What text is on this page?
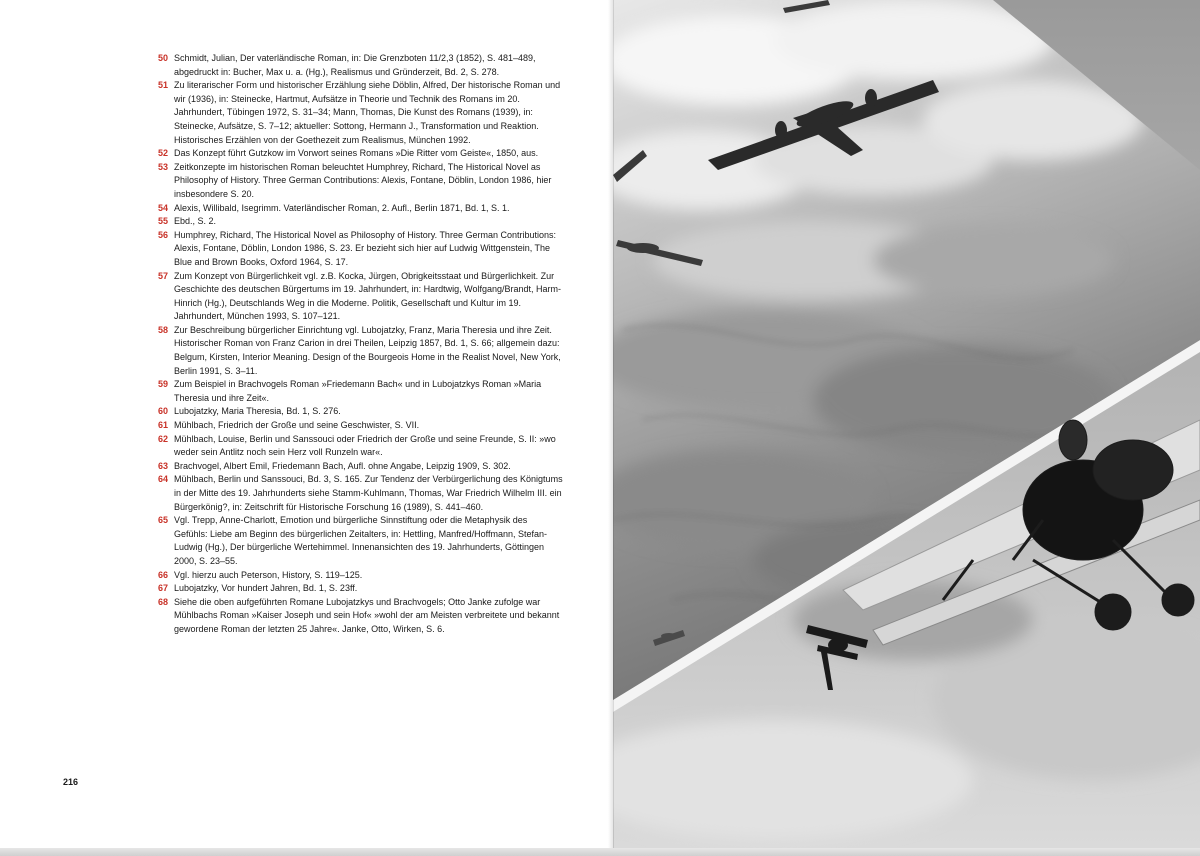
50 Schmidt, Julian, Der vaterländische Roman, in: Die Grenzboten 11/2,3 (1852), S. 481–489, abgedruckt in: Bucher, Max u. a. (Hg.), Realismus und Gründerzeit, Bd. 2, S. 278.
51 Zu literarischer Form und historischer Erzählung siehe Döblin, Alfred, Der historische Roman und wir (1936), in: Steinecke, Hartmut, Aufsätze in Theorie und Technik des Romans im 20. Jahrhundert, Tübingen 1972, S. 31–34; Mann, Thomas, Die Kunst des Romans (1939), in: Steinecke, Aufsätze, S. 7–12; aktueller: Sottong, Hermann J., Transformation und Reaktion. Historisches Erzählen von der Goethezeit zum Realismus, München 1992.
52 Das Konzept führt Gutzkow im Vorwort seines Romans »Die Ritter vom Geiste«, 1850, aus.
53 Zeitkonzepte im historischen Roman beleuchtet Humphrey, Richard, The Historical Novel as Philosophy of History. Three German Contributions: Alexis, Fontane, Döblin, London 1986, hier insbesondere S. 20.
54 Alexis, Willibald, Isegrimm. Vaterländischer Roman, 2. Aufl., Berlin 1871, Bd. 1, S. 1.
55 Ebd., S. 2.
56 Humphrey, Richard, The Historical Novel as Philosophy of History. Three German Contributions: Alexis, Fontane, Döblin, London 1986, S. 23. Er bezieht sich hier auf Ludwig Wittgenstein, The Blue and Brown Books, Oxford 1964, S. 17.
57 Zum Konzept von Bürgerlichkeit vgl. z.B. Kocka, Jürgen, Obrigkeitsstaat und Bürgerlichkeit. Zur Geschichte des deutschen Bürgertums im 19. Jahrhundert, in: Hardtwig, Wolfgang/Brandt, Harm-Hinrich (Hg.), Deutschlands Weg in die Moderne. Politik, Gesellschaft und Kultur im 19. Jahrhundert, München 1993, S. 107–121.
58 Zur Beschreibung bürgerlicher Einrichtung vgl. Lubojatzky, Franz, Maria Theresia und ihre Zeit. Historischer Roman von Franz Carion in drei Theilen, Leipzig 1857, Bd. 1, S. 66; allgemein dazu: Belgum, Kirsten, Interior Meaning. Design of the Bourgeois Home in the Realist Novel, New York, Berlin 1991, S. 3–11.
59 Zum Beispiel in Brachvogels Roman »Friedemann Bach« und in Lubojatzkys Roman »Maria Theresia und ihre Zeit«.
60 Lubojatzky, Maria Theresia, Bd. 1, S. 276.
61 Mühlbach, Friedrich der Große und seine Geschwister, S. VII.
62 Mühlbach, Louise, Berlin und Sanssouci oder Friedrich der Große und seine Freunde, S. II: »wo weder sein Antlitz noch sein Herz voll Runzeln war«.
63 Brachvogel, Albert Emil, Friedemann Bach, Aufl. ohne Angabe, Leipzig 1909, S. 302.
64 Mühlbach, Berlin und Sanssouci, Bd. 3, S. 165. Zur Tendenz der Verbürgerlichung des Königtums in der Mitte des 19. Jahrhunderts siehe Stamm-Kuhlmann, Thomas, War Friedrich Wilhelm III. ein Bürgerkönig?, in: Zeitschrift für Historische Forschung 16 (1989), S. 441–460.
65 Vgl. Trepp, Anne-Charlott, Emotion und bürgerliche Sinnstiftung oder die Metaphysik des Gefühls: Liebe am Beginn des bürgerlichen Zeitalters, in: Hettling, Manfred/Hoffmann, Stefan-Ludwig (Hg.), Der bürgerliche Wertehimmel. Innenansichten des 19. Jahrhunderts, Göttingen 2000, S. 23–55.
66 Vgl. hierzu auch Peterson, History, S. 119–125.
67 Lubojatzky, Vor hundert Jahren, Bd. 1, S. 23ff.
68 Siehe die oben aufgeführten Romane Lubojatzkys und Brachvogels; Otto Janke zufolge war Mühlbachs Roman »Kaiser Joseph und sein Hof« »wohl der am Meisten verbreitete und bekannt gewordene Roman der letzten 25 Jahre«. Janke, Otto, Wirken, S. 6.
216
